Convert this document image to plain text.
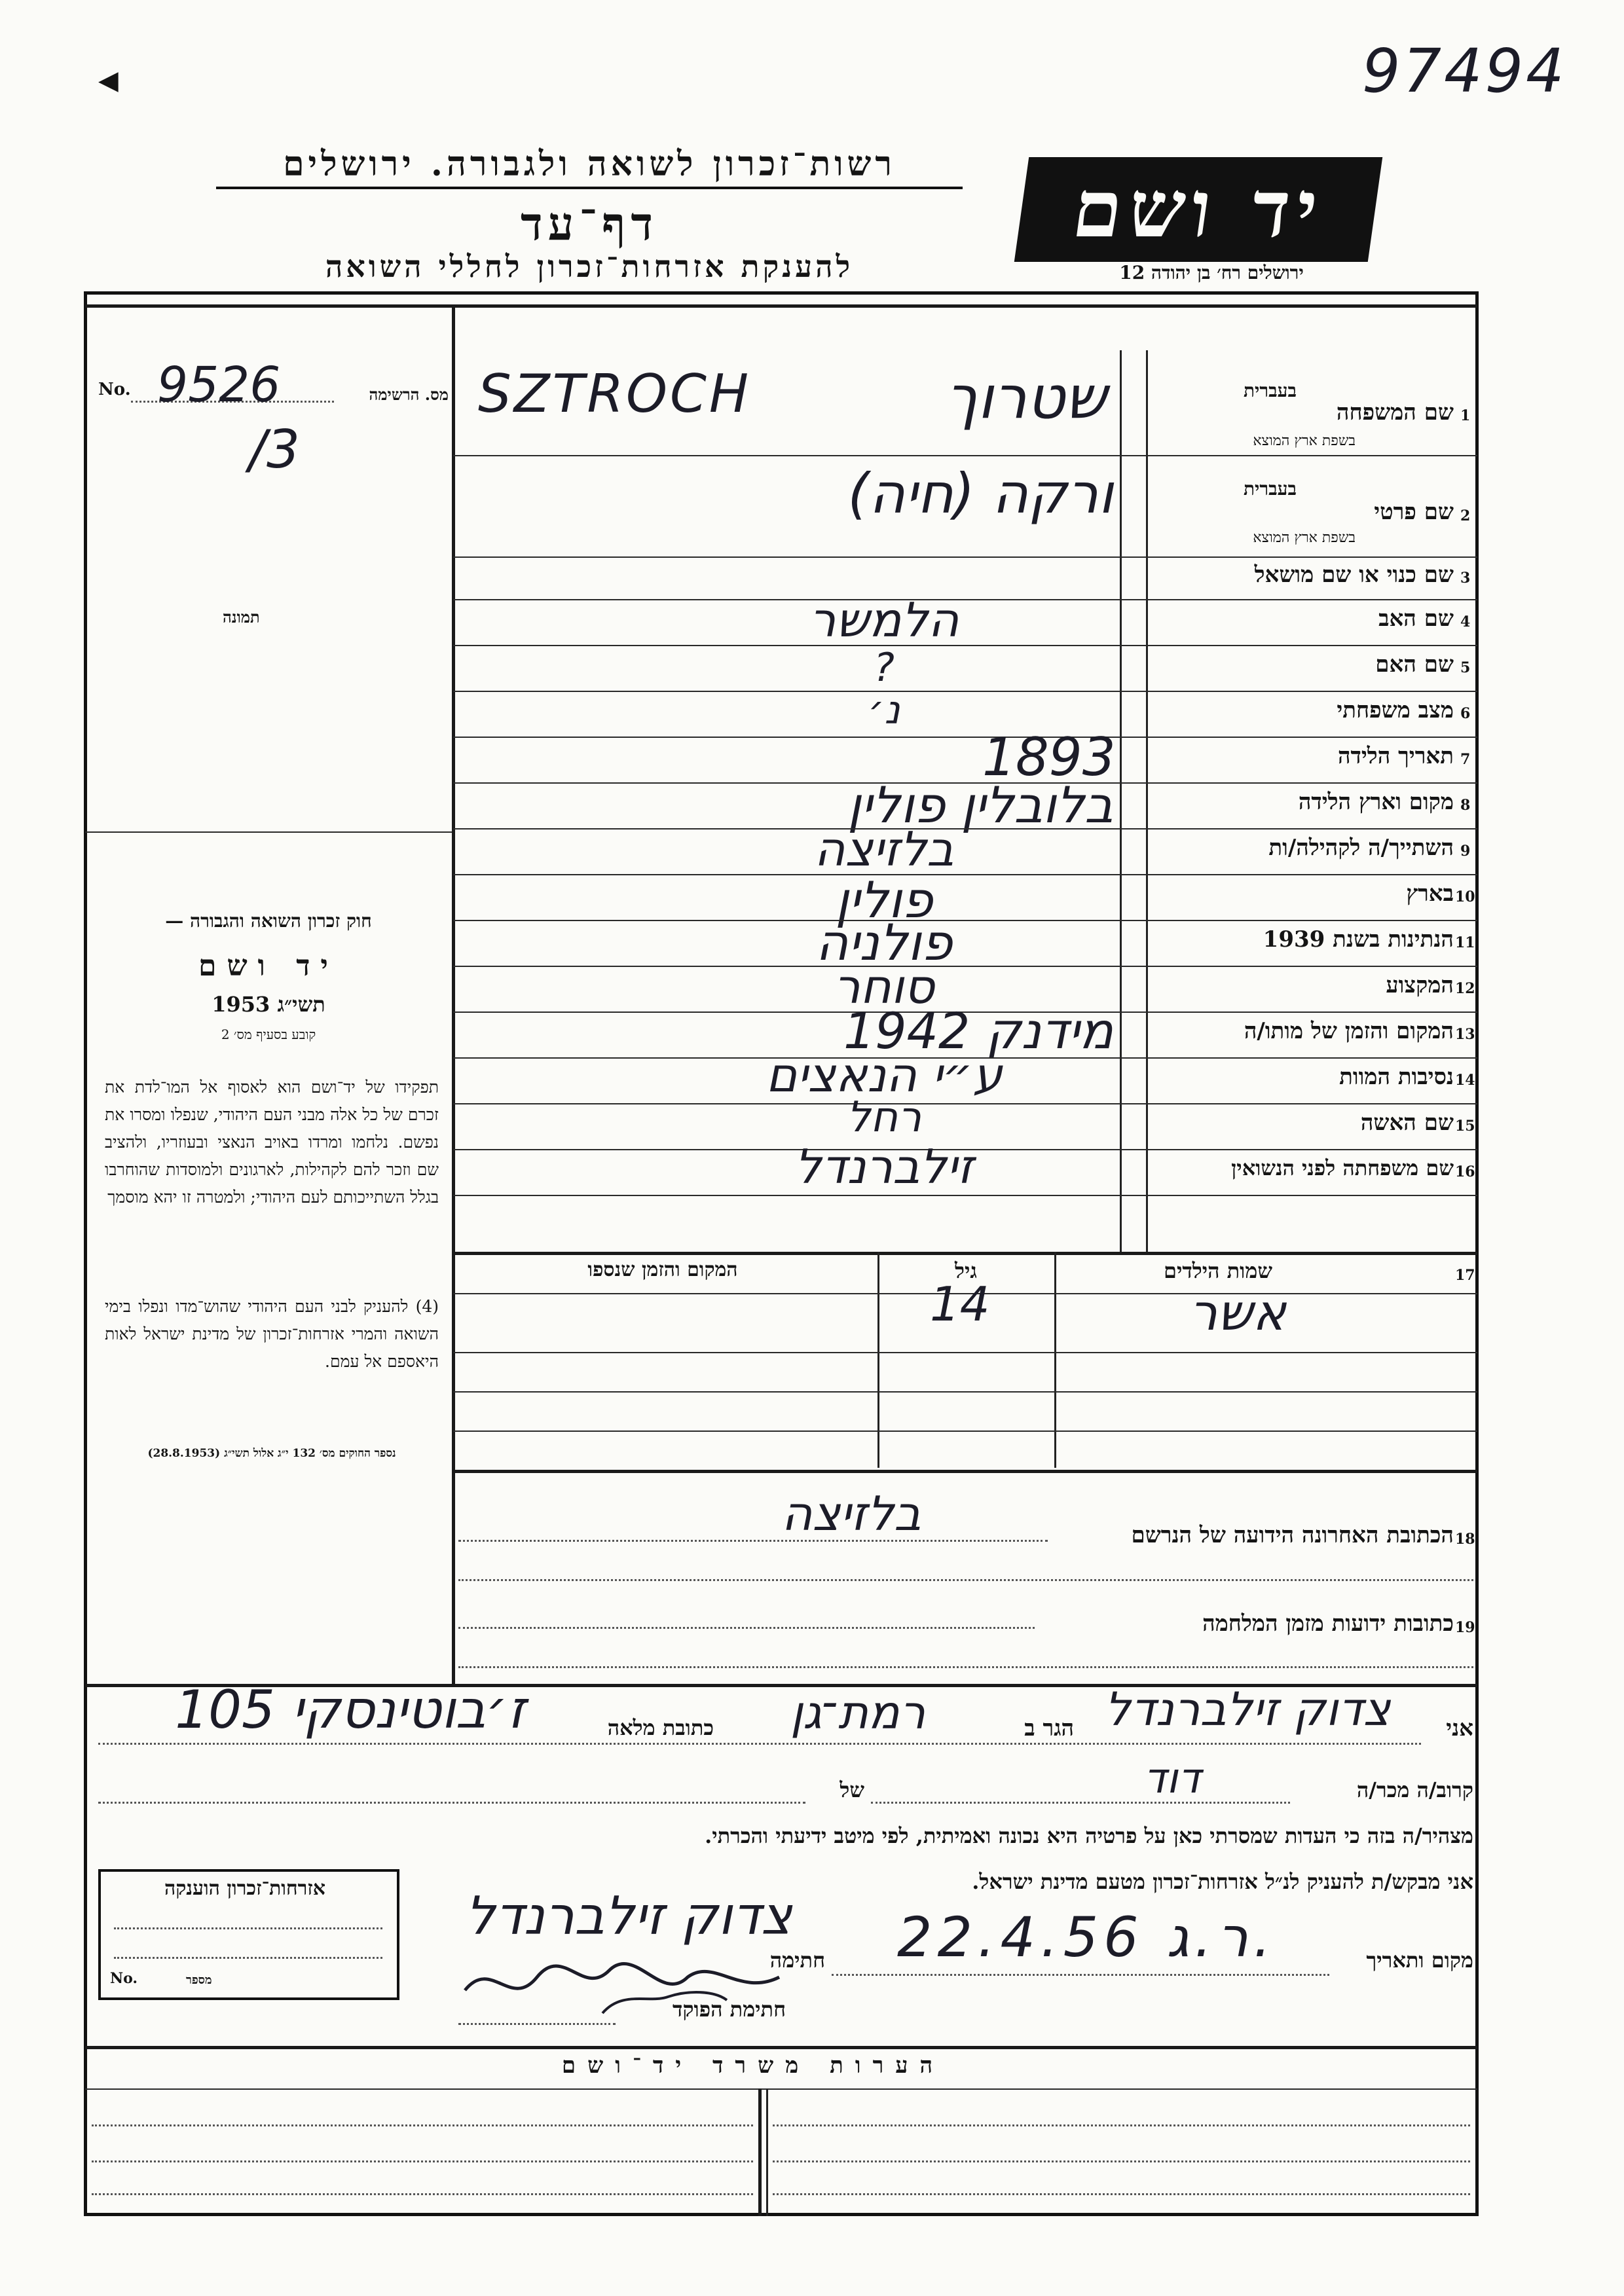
97494
◀
רשות־זכרון לשואה ולגבורה. ירושלים
דף־עד
להענקת אזרחות־זכרון לחללי השואה
יד ושם
ירושלים רח׳ בן יהודה 12
No. 9526
/3
מס. הרשימה
תמונה
חוק זכרון השואה והגבורה —
יד ושם
תשי״ג 1953
קובע בסעיף מס׳ 2
תפקידו של יד־ושם הוא לאסוף אל המו־לדת את זכרם של כל אלה מבני העם היהודי, שנפלו ומסרו את נפשם. נלחמו ומרדו באויב הנאצי ובעוזריו, ולהציב שם וזכר להם לקהילות, לארגונים ולמוסדות שהוחרבו בגלל השתייכותם לעם היהודי; ולמטרה זו יהא מוסמך
(4) להעניק לבני העם היהודי שהוש־מדו ונפלו בימי השואה והמרי אזרחות־זכרון של מדינת ישראל לאות היאספם אל עמם.
נספר החוקים מס׳ 132 י״ג אלול תשי״ג (28.8.1953)
שם המשפחה 1
בעברית
בשפת ארץ המוצא
שטרוך
SZTROCH
שם פרטי 2
בעברית
בשפת ארץ המוצא
ורקה (חיה)
שם כנוי או שם מושאל 3
שם האב 4
הלמשר
שם האם 5
?
מצב משפחתי 6
נ׳
תאריך הלידה 7
1893
מקום וארץ הלידה 8
בלובלין פולין
השתייך/ה לקהילה/ות 9
בלזיצה
בארץ 10
פולין
הנתינות בשנת 1939 11
פולניה
המקצוע 12
סוחר
המקום והזמן של מותו/ה 13
מידנק 1942
נסיבות המוות 14
ע״י הנאצים
שם האשה 15
רחל
שם משפחתה לפני הנשואין 16
זילברנדל
17
שמות הילדים
גיל
המקום והזמן שנספו
אשר
14
18
הכתובת האחרונה הידועה של הנרשם
בלזיצה
19
כתובות ידועות מזמן המלחמה
אני
צדוק זילברנדל
הגר ב
רמת־גן
כתובת מלאה
ז׳בוטינסקי 105
קרוב/ה מכר/ה
דוד
של
מצהיר/ה בזה כי העדות שמסרתי כאן על פרטיה היא נכונה ואמיתית, לפי מיטב ידיעתי והכרתי.
אני מבקש/ת להעניק לנ״ל אזרחות־זכרון מטעם מדינת ישראל.
מקום ותאריך
22.4.56 ר.ג.
חתימה
צדוק זילברנדל
חתימת הפוקד
אזרחות־זכרון הוענקה
No.	מספר
הערות משרד יד־ושם
